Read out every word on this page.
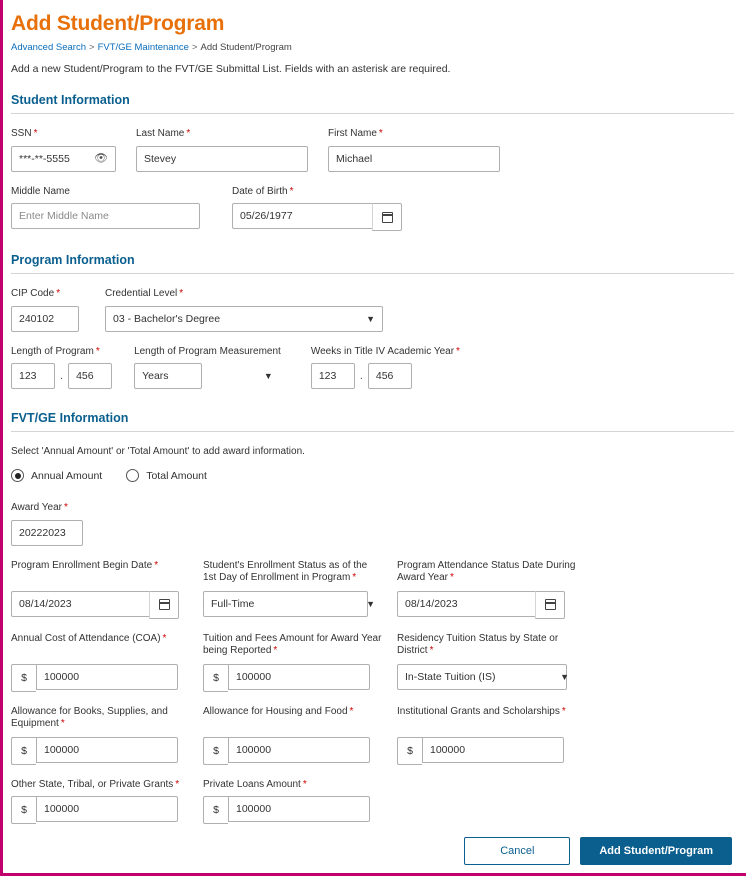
Add Student/Program
Advanced Search > FVT/GE Maintenance > Add Student/Program
Add a new Student/Program to the FVT/GE Submittal List. Fields with an asterisk are required.
Student Information
SSN *
***-**-5555
👁
Last Name *
Stevey	First Name *
Michael
Middle Name
Enter Middle Name	Date of Birth *
05/26/1977
Program Information
CIP Code *
240102	Credential Level *
03 - Bachelor's Degree
▼
Length of Program *
123
.
456
Length of Program Measurement
Years
▼
Weeks in Title IV Academic Year *
123
.
456
FVT/GE Information
Select 'Annual Amount' or 'Total Amount' to add award information.
Annual Amount	Total Amount
Award Year *
20222023
Program Enrollment Begin Date *
08/14/2023	Student's Enrollment Status as of the 1st Day of Enrollment in Program *
Full-Time
▼
Program Attendance Status Date During Award Year *
08/14/2023
Annual Cost of Attendance (COA) *
$
100000
Tuition and Fees Amount for Award Year being Reported *
$
100000
Residency Tuition Status by State or District *
In-State Tuition (IS)
▼
Allowance for Books, Supplies, and Equipment *
$
100000
Allowance for Housing and Food *
$
100000
Institutional Grants and Scholarships *
$
100000
Other State, Tribal, or Private Grants *
$
100000
Private Loans Amount *
$
100000
Cancel	Add Student/Program
